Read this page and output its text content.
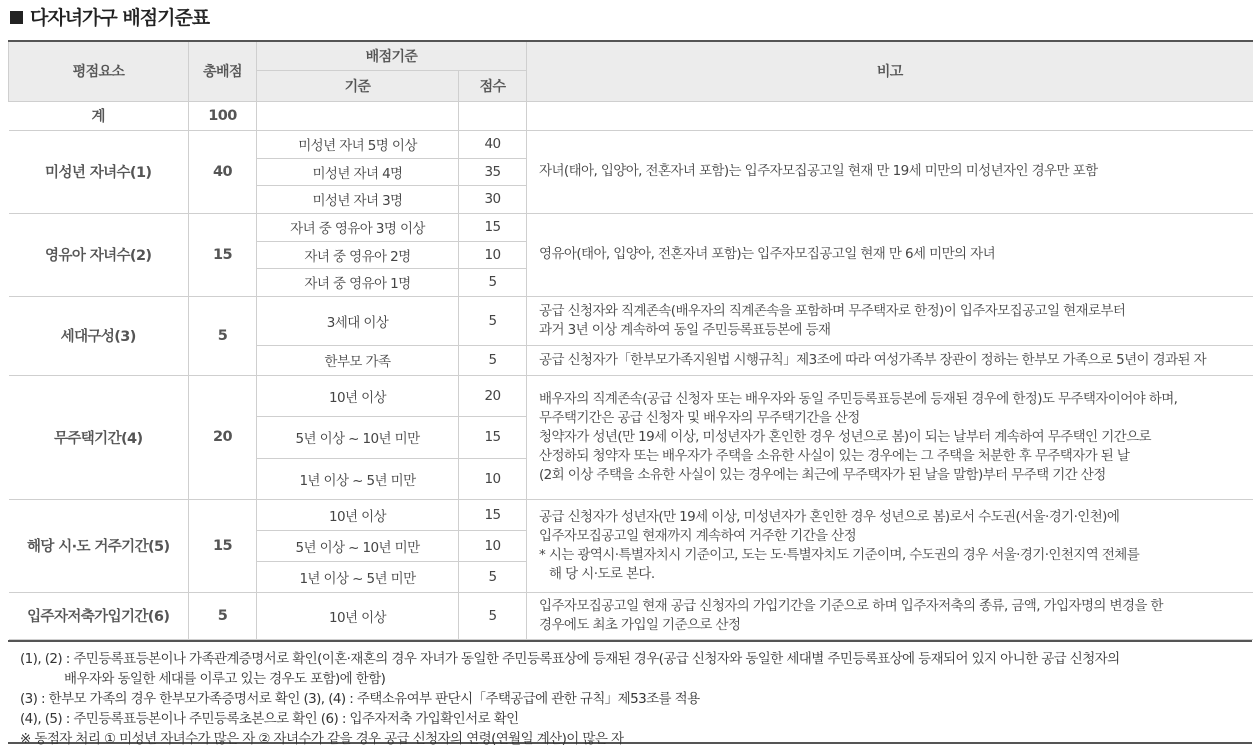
다자녀가구 배점기준표
평점요소	총배점	배점기준		비고
		기준	점수	
계	100			
미성년 자녀수(1)	40	미성년 자녀 5명 이상	40	자녀(태아, 입양아, 전혼자녀 포함)는 입주자모집공고일 현재 만 19세 미만의 미성년자인 경우만 포함

		미성년 자녀 4명	35	
		미성년 자녀 3명	30	
영유아 자녀수(2)	15	자녀 중 영유아 3명 이상	15	영유아(태아, 입양아, 전혼자녀 포함)는 입주자모집공고일 현재 만 6세 미만의 자녀

		자녀 중 영유아 2명	10	
		자녀 중 영유아 1명	5	
세대구성(3)	5	3세대 이상	5	공급 신청자와 직계존속(배우자의 직계존속을 포함하며 무주택자로 한정)이 입주자모집공고일 현재로부터
과거 3년 이상 계속하여 동일 주민등록표등본에 등재

		한부모 가족	5	공급 신청자가「한부모가족지원법 시행규칙」제3조에 따라 여성가족부 장관이 정하는 한부모 가족으로 5년이 경과된 자

무주택기간(4)	20	10년 이상	20	배우자의 직계존속(공급 신청자 또는 배우자와 동일 주민등록표등본에 등재된 경우에 한정)도 무주택자이어야 하며,
무주택기간은 공급 신청자 및 배우자의 무주택기간을 산정
청약자가 성년(만 19세 이상, 미성년자가 혼인한 경우 성년으로 봄)이 되는 날부터 계속하여 무주택인 기간으로
산정하되 청약자 또는 배우자가 주택을 소유한 사실이 있는 경우에는 그 주택을 처분한 후 무주택자가 된 날
(2회 이상 주택을 소유한 사실이 있는 경우에는 최근에 무주택자가 된 날을 말함)부터 무주택 기간 산정

		5년 이상 ~ 10년 미만	15	
		1년 이상 ~ 5년 미만	10	
해당 시·도 거주기간(5)	15	10년 이상	15	공급 신청자가 성년자(만 19세 이상, 미성년자가 혼인한 경우 성년으로 봄)로서 수도권(서울·경기·인천)에
입주자모집공고일 현재까지 계속하여 거주한 기간을 산정
* 시는 광역시·특별자치시 기준이고, 도는 도·특별자치도 기준이며, 수도권의 경우 서울·경기·인천지역 전체를
해 당 시·도로 본다.

		5년 이상 ~ 10년 미만	10	
		1년 이상 ~ 5년 미만	5	
입주자저축가입기간(6)	5	10년 이상	5	입주자모집공고일 현재 공급 신청자의 가입기간을 기준으로 하며 입주자저축의 종류, 금액, 가입자명의 변경을 한
경우에도 최초 가입일 기준으로 산정
(1), (2) : 주민등록표등본이나 가족관계증명서로 확인(이혼·재혼의 경우 자녀가 동일한 주민등록표상에 등재된 경우(공급 신청자와 동일한 세대별 주민등록표상에 등재되어 있지 아니한 공급 신청자의
배우자와 동일한 세대를 이루고 있는 경우도 포함)에 한함)
(3) : 한부모 가족의 경우 한부모가족증명서로 확인 (3), (4) : 주택소유여부 판단시「주택공급에 관한 규칙」제53조를 적용
(4), (5) : 주민등록표등본이나 주민등록초본으로 확인 (6) : 입주자저축 가입확인서로 확인
※ 동점자 처리 ① 미성년 자녀수가 많은 자 ② 자녀수가 같을 경우 공급 신청자의 연령(연월일 계산)이 많은 자
